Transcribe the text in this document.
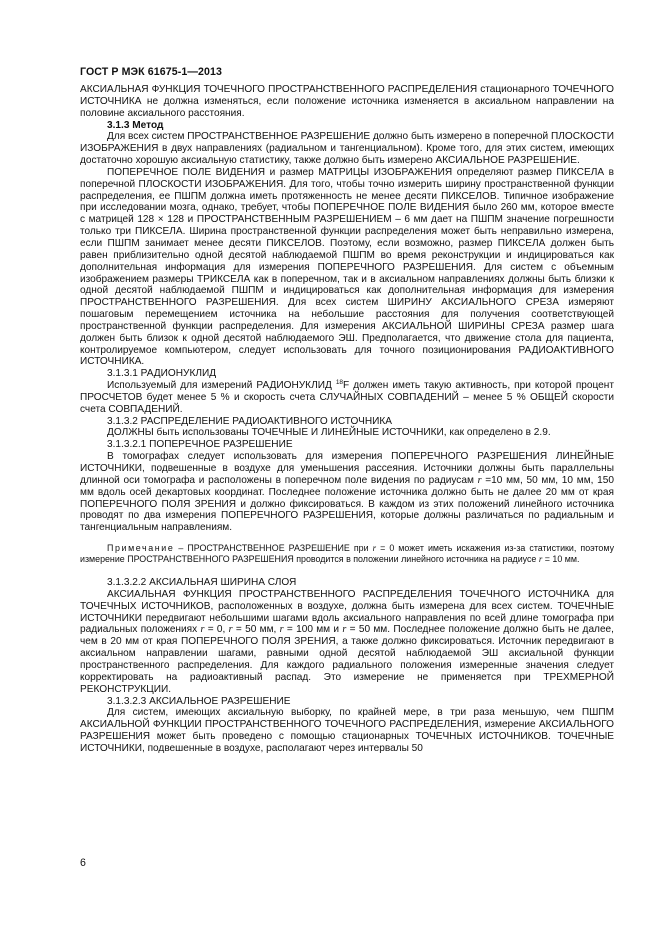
ГОСТ Р МЭК 61675-1—2013

АКСИАЛЬНАЯ ФУНКЦИЯ ТОЧЕЧНОГО ПРОСТРАНСТВЕННОГО РАСПРЕДЕЛЕНИЯ стационарного ТОЧЕЧНОГО ИСТОЧНИКА не должна изменяться, если положение источника изменяется в аксиальном направлении на половине аксиального расстояния.

3.1.3 Метод

Для всех систем ПРОСТРАНСТВЕННОЕ РАЗРЕШЕНИЕ должно быть измерено в поперечной ПЛОСКОСТИ ИЗОБРАЖЕНИЯ в двух направлениях (радиальном и тангенциальном). Кроме того, для этих систем, имеющих достаточно хорошую аксиальную статистику, также должно быть измерено АКСИАЛЬНОЕ РАЗРЕШЕНИЕ.

ПОПЕРЕЧНОЕ ПОЛЕ ВИДЕНИЯ и размер МАТРИЦЫ ИЗОБРАЖЕНИЯ определяют размер ПИКСЕЛА в поперечной ПЛОСКОСТИ ИЗОБРАЖЕНИЯ. Для того, чтобы точно измерить ширину пространственной функции распределения, ее ПШПМ должна иметь протяженность не менее десяти ПИКСЕЛОВ. Типичное изображение при исследовании мозга, однако, требует, чтобы ПОПЕРЕЧНОЕ ПОЛЕ ВИДЕНИЯ было 260 мм, которое вместе с матрицей 128 × 128 и ПРОСТРАНСТВЕННЫМ РАЗРЕШЕНИЕМ – 6 мм дает на ПШПМ значение погрешности только три ПИКСЕЛА. Ширина пространственной функции распределения может быть неправильно измерена, если ПШПМ занимает менее десяти ПИКСЕЛОВ. Поэтому, если возможно, размер ПИКСЕЛА должен быть равен приблизительно одной десятой наблюдаемой ПШПМ во время реконструкции и индицироваться как дополнительная информация для измерения ПОПЕРЕЧНОГО РАЗРЕШЕНИЯ. Для систем с объемным изображением размеры ТРИКСЕЛА как в поперечном, так и в аксиальном направлениях должны быть близки к одной десятой наблюдаемой ПШПМ и индицироваться как дополнительная информация для измерения ПРОСТРАНСТВЕННОГО РАЗРЕШЕНИЯ. Для всех систем ШИРИНУ АКСИАЛЬНОГО СРЕЗА измеряют пошаговым перемещением источника на небольшие расстояния для получения соответствующей пространственной функции распределения. Для измерения АКСИАЛЬНОЙ ШИРИНЫ СРЕЗА размер шага должен быть близок к одной десятой наблюдаемого ЭШ. Предполагается, что движение стола для пациента, контролируемое компьютером, следует использовать для точного позиционирования РАДИОАКТИВНОГО ИСТОЧНИКА.

3.1.3.1 РАДИОНУКЛИД

Используемый для измерений РАДИОНУКЛИД $^{18}$F должен иметь такую активность, при которой процент ПРОСЧЕТОВ будет менее 5 % и скорость счета СЛУЧАЙНЫХ СОВПАДЕНИЙ – менее 5 % ОБЩЕЙ скорости счета СОВПАДЕНИЙ.

3.1.3.2 РАСПРЕДЕЛЕНИЕ РАДИОАКТИВНОГО ИСТОЧНИКА

ДОЛЖНЫ быть использованы ТОЧЕЧНЫЕ И ЛИНЕЙНЫЕ ИСТОЧНИКИ, как определено в 2.9.

3.1.3.2.1 ПОПЕРЕЧНОЕ РАЗРЕШЕНИЕ

В томографах следует использовать для измерения ПОПЕРЕЧНОГО РАЗРЕШЕНИЯ ЛИНЕЙНЫЕ ИСТОЧНИКИ, подвешенные в воздухе для уменьшения рассеяния. Источники должны быть параллельны длинной оси томографа и расположены в поперечном поле видения по радиусам r =10 мм, 50 мм, 10 мм, 150 мм вдоль осей декартовых координат. Последнее положение источника должно быть не далее 20 мм от края ПОПЕРЕЧНОГО ПОЛЯ ЗРЕНИЯ и должно фиксироваться. В каждом из этих положений линейного источника проводят по два измерения ПОПЕРЕЧНОГО РАЗРЕШЕНИЯ, которые должны различаться по радиальным и тангенциальным направлениям.

Примечание – ПРОСТРАНСТВЕННОЕ РАЗРЕШЕНИЕ при r = 0 может иметь искажения из-за статистики, поэтому измерение ПРОСТРАНСТВЕННОГО РАЗРЕШЕНИЯ проводится в положении линейного источника на радиусе r = 10 мм.

3.1.3.2.2 АКСИАЛЬНАЯ ШИРИНА СЛОЯ

АКСИАЛЬНАЯ ФУНКЦИЯ ПРОСТРАНСТВЕННОГО РАСПРЕДЕЛЕНИЯ ТОЧЕЧНОГО ИСТОЧНИКА для ТОЧЕЧНЫХ ИСТОЧНИКОВ, расположенных в воздухе, должна быть измерена для всех систем. ТОЧЕЧНЫЕ ИСТОЧНИКИ передвигают небольшими шагами вдоль аксиального направления по всей длине томографа при радиальных положениях r = 0, r = 50 мм, r = 100 мм и r = 50 мм. Последнее положение должно быть не далее, чем в 20 мм от края ПОПЕРЕЧНОГО ПОЛЯ ЗРЕНИЯ, а также должно фиксироваться. Источник передвигают в аксиальном направлении шагами, равными одной десятой наблюдаемой ЭШ аксиальной функции пространственного распределения. Для каждого радиального положения измеренные значения следует корректировать на радиоактивный распад. Это измерение не применяется при ТРЕХМЕРНОЙ РЕКОНСТРУКЦИИ.

3.1.3.2.3 АКСИАЛЬНОЕ РАЗРЕШЕНИЕ

Для систем, имеющих аксиальную выборку, по крайней мере, в три раза меньшую, чем ПШПМ АКСИАЛЬНОЙ ФУНКЦИИ ПРОСТРАНСТВЕННОГО ТОЧЕЧНОГО РАСПРЕДЕЛЕНИЯ, измерение АКСИАЛЬНОГО РАЗРЕШЕНИЯ может быть проведено с помощью стационарных ТОЧЕЧНЫХ ИСТОЧНИКОВ. ТОЧЕЧНЫЕ ИСТОЧНИКИ, подвешенные в воздухе, располагают через интервалы 50

6
